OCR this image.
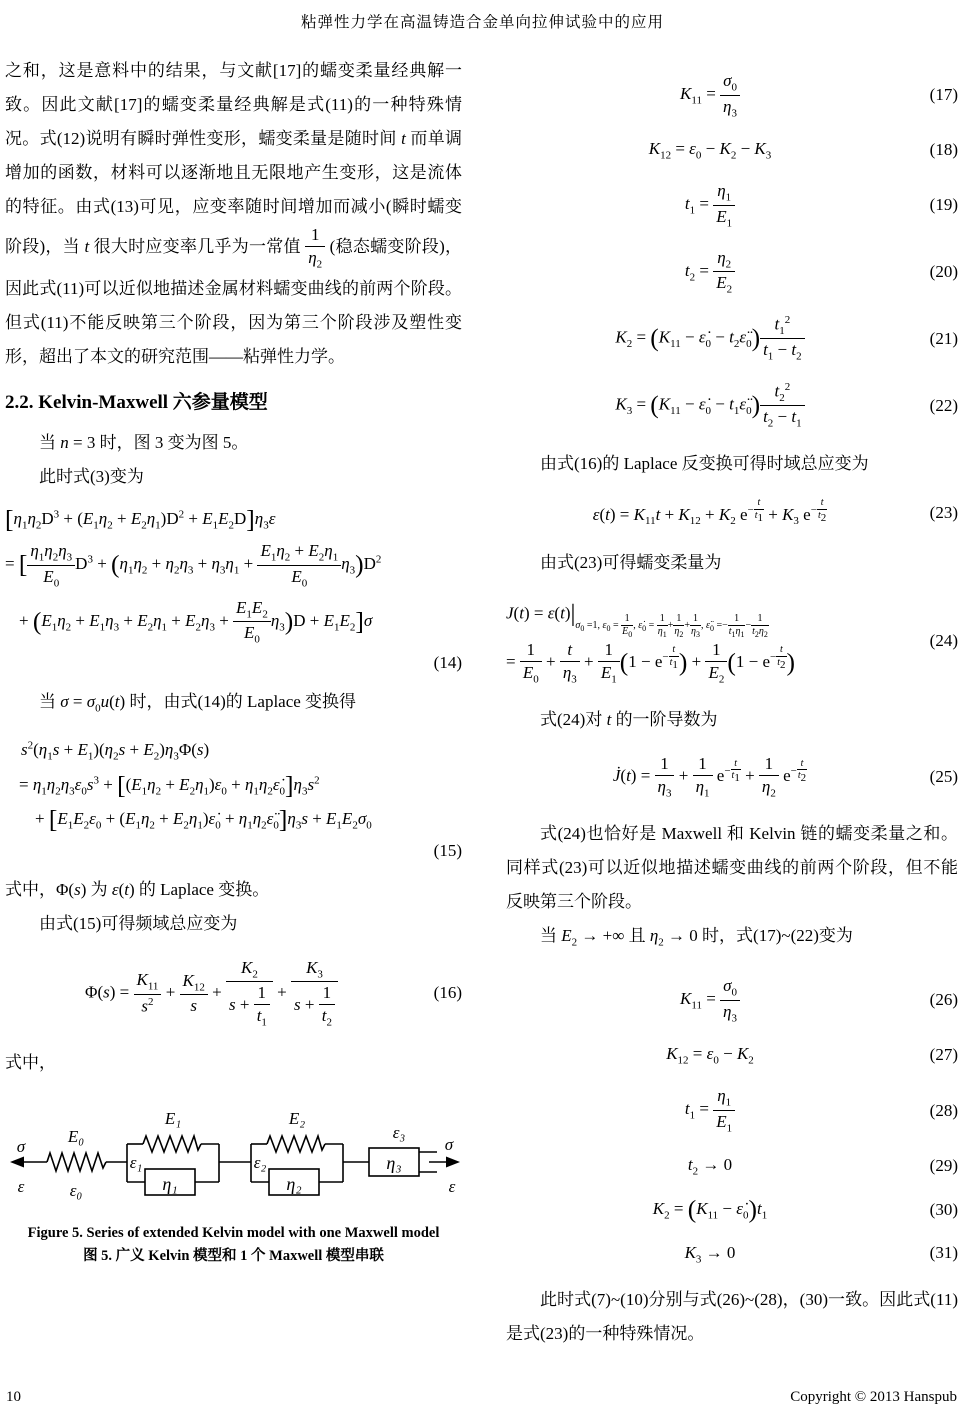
粘弹性力学在高温铸造合金单向拉伸试验中的应用

之和，这是意料中的结果，与文献[17]的蠕变柔量经典解一致。因此文献[17]的蠕变柔量经典解是式(11)的一种特殊情况。式(12)说明有瞬时弹性变形，蠕变柔量是随时间 t 而单调增加的函数，材料可以逐渐地且无限地产生变形，这是流体的特征。由式(13)可见，应变率随时间增加而减小(瞬时蠕变阶段)，当 t 很大时应变率几乎为一常值 $\frac{1}{\eta_2}$ (稳态蠕变阶段)，因此式(11)可以近似地描述金属材料蠕变曲线的前两个阶段。但式(11)不能反映第三个阶段，因为第三个阶段涉及塑性变形，超出了本文的研究范围——粘弹性力学。

2.2. Kelvin-Maxwell 六参量模型

当 n = 3 时，图 3 变为图 5。

此时式(3)变为

$[\eta_1\eta_2D^3 + (E_1\eta_2 + E_2\eta_1)D^2 + E_1E_2D]\eta_3\varepsilon$
= [ $\frac{\eta_1\eta_2\eta_3}{E_0} D^3 + (\eta_1\eta_2 + \eta_2\eta_3 + \eta_3\eta_1 + \frac{E_1\eta_2 + E_2\eta_1}{E_0} \eta_3)D^2$
+ $(E_1\eta_2 + E_1\eta_3 + E_2\eta_1 + E_2\eta_3 + \frac{E_1E_2}{E_0} \eta_3)D + E_1E_2]\sigma$
(14)

当 $\sigma = \sigma_0u(t)$ 时，由式(14)的 Laplace 变换得

$s^2(\eta_1s + E_1)(\eta_2s + E_2)\eta_3\Phi(s)$
= $\eta_1\eta_2\eta_3\varepsilon_0s^3 + [(E_1\eta_2 + E_2\eta_1)\varepsilon_0$ + $\eta_1\eta_2\varepsiloṅ_0]\eta_3s^2$
+ [$E_1E_2\varepsilon_0 + (E_1\eta_2$ + $E_2\eta_1)\varepsiloṅ_0$ + $\eta_1\eta_2\varepsilon̈_0]\eta_3s + E_1E_2\sigma_0$
(15)

式中，Φ(s) 为 ε(t) 的 Laplace 变换。

由式(15)可得频域总应变为

$\Phi(s) = \frac{K_{11}}{s^2} + \frac{K_{12}}{s} + \frac{K_2}{s + \frac{1}{t_1}} + \frac{K_3}{s + \frac{1}{t_2}}$	(16)

式中，

σ
ε
E₀
ε₀
ε₁
E₁
η₁
ε₂
E₂
η₂
ε₃
η₃
σ
ε

Figure 5. Series of extended Kelvin model with one Maxwell model

图 5. 广义 Kelvin 模型和 1 个 Maxwell 模型串联

$K_{11} = \frac{\sigma_0}{\eta_3}$	(17)
$K_{12} = \varepsilon_0 - K_2 - K_3$	(18)
$t_1 = \frac{\eta_1}{E_1}$	(19)
$t_2 = \frac{\eta_2}{E_2}$	(20)
$K_2 = (K_{11}$ − $\varepsiloṅ_0$ − $t_2\varepsilon̈_0) \frac{t_1^2}{t_1 - t_2}$	(21)
$K_3 = (K_{11}$ − $\varepsiloṅ_0$ − $t_1\varepsilon̈_0) \frac{t_2^2}{t_2 - t_1}$	(22)

由式(16)的 Laplace 反变换可得时域总应变为

$\varepsilon(t) = K_{11}t + K_{12} + K_2$ $e^{- \frac{t}{t_1}} + K_3$ $e^{- \frac{t}{t_2}}$	(23)

由式(23)可得蠕变柔量为

$J(t) = \varepsilon(t)|_{\sigma_0 =1, \varepsilon_0 = \frac{1}{E_0} , \varepsiloṅ_0 = \frac{1}{\eta_1} + \frac{1}{\eta_2} + \frac{1}{\eta_3} , \varepsilon̈_0 =- \frac{1}{t_1\eta_1} - \frac{1}{t_2\eta_2}}$
= $\frac{1}{E_0} + \frac{t}{\eta_3} + \frac{1}{E_1} (1 - e^{- \frac{t}{t_1}}$ ) + $\frac{1}{E_2} (1 - e^{- \frac{t}{t_2}}$ )
(24)

式(24)对 t 的一阶导数为

J̇(t) = $\frac{1}{\eta_3} + \frac{1}{\eta_1} e^{- \frac{t}{t_1}} + \frac{1}{\eta_2} e^{- \frac{t}{t_2}}$	(25)

式(24)也恰好是 Maxwell 和 Kelvin 链的蠕变柔量之和。同样式(23)可以近似地描述蠕变曲线的前两个阶段，但不能反映第三个阶段。

当 $E_2$ → +∞ 且 $\eta_2 \to 0$ 时，式(17)~(22)变为

$K_{11} = \frac{\sigma_0}{\eta_3}$	(26)
$K_{12} = \varepsilon_0 - K_2$	(27)
$t_1 = \frac{\eta_1}{E_1}$	(28)
$t_2 \to 0$	(29)
$K_2 = (K_{11}$ − $\varepsiloṅ_0)t_1$	(30)
$K_3 \to 0$	(31)

此时式(7)~(10)分别与式(26)~(28)，(30)一致。因此式(11)是式(23)的一种特殊情况。

10	Copyright © 2013 Hanspub
